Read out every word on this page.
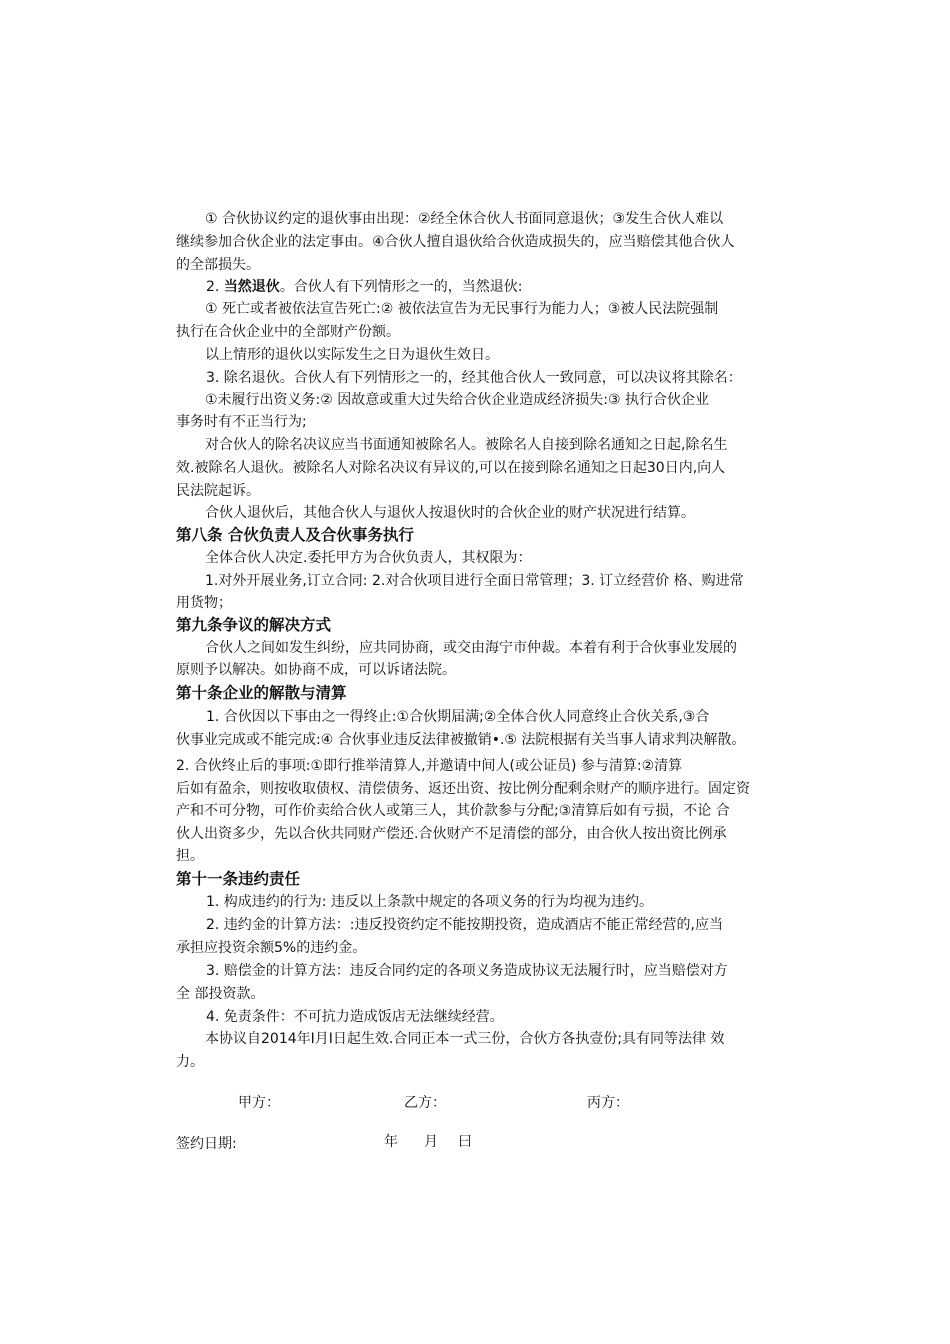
① 合伙协议约定的退伙事由出现：②经全休合伙人书面同意退伙；③发生合伙人难以
继续参加合伙企业的法定事由。④合伙人擅自退伙给合伙造成损失的，应当赔偿其他合伙人
的全部损失。
2. 当然退伙。合伙人有下列情形之一的，当然退伙:
① 死亡或者被依法宣告死亡:② 被依法宣告为无民事行为能力人；③被人民法院强制
执行在合伙企业中的全部财产份额。
以上情形的退伙以实际发生之日为退伙生效日。
3. 除名退伙。合伙人有下列情形之一的，经其他合伙人一致同意，可以决议将其除名：
①未履行出资义务:② 因故意或重大过失给合伙企业造成经济损失:③ 执行合伙企业
事务时有不正当行为;
对合伙人的除名决议应当书面通知被除名人。被除名人自接到除名通知之日起,除名生
效.被除名人退伙。被除名人对除名决议有异议的,可以在接到除名通知之日起30日内,向人
民法院起诉。
合伙人退伙后，其他合伙人与退伙人按退伙时的合伙企业的财产状况进行结算。
第八条 合伙负责人及合伙事务执行
全体合伙人决定.委托甲方为合伙负责人，其权限为：
1.对外开展业务,订立合同: 2.对合伙项目进行全面日常管理；3. 订立经营价 格、购进常
用货物；
第九条争议的解决方式
合伙人之间如发生纠纷，应共同协商，或交由海宁市仲裁。本着有利于合伙事业发展的
原则予以解决。如协商不成，可以诉诸法院。
第十条企业的解散与清算
1. 合伙因以下事由之一得终止:①合伙期届满;②全体合伙人同意终止合伙关系,③合
伙事业完成或不能完成:④ 合伙事业违反法律被撤销•.⑤ 法院根据有关当事人请求判决解散。
2. 合伙终止后的事项:①即行推举清算人,并邀请中间人(或公证员) 参与清算:②清算
后如有盈余，则按收取债权、清偿债务、返还出资、按比例分配剩余财产的顺序进行。固定资
产和不可分物，可作价卖给合伙人或第三人，其价款参与分配;③清算后如有亏损，不论 合
伙人出资多少，先以合伙共同财产偿还.合伙财产不足清偿的部分，由合伙人按出资比例承
担。
第十一条违约责任
1. 构成违约的行为: 违反以上条款中规定的各项义务的行为均视为违约。
2. 违约金的计算方法：:违反投资约定不能按期投资，造成酒店不能正常经营的,应当
承担应投资余额5%的违约金。
3. 赔偿金的计算方法：违反合同约定的各项义务造成协议无法履行时，应当赔偿对方
全 部投资款。
4. 免责条件：不可抗力造成饭店无法继续经营。
本协议自2014年Ι月Ι日起生效.合同正本一式三份，合伙方各执壹份;具有同等法律 效
力。
甲方：	乙方：	丙方：
签约日期:	年 月 曰
